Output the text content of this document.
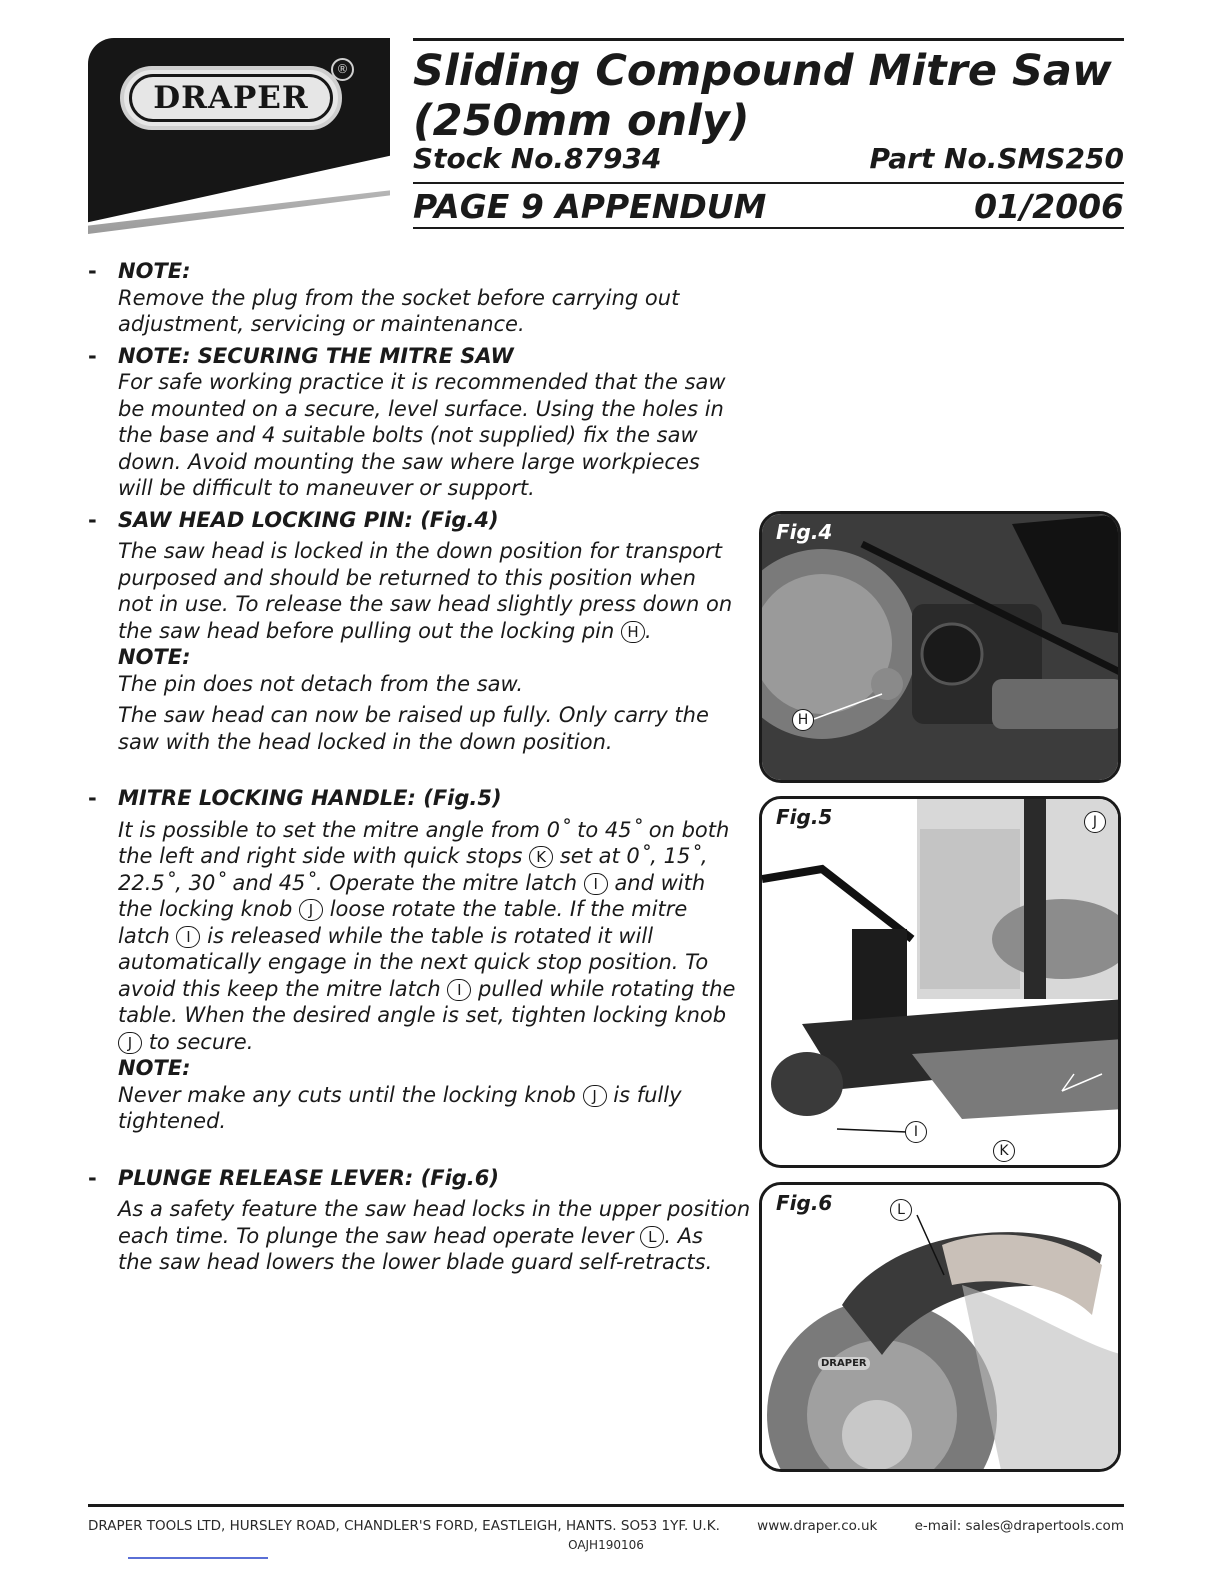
DRAPER
® Sliding Compound Mitre Saw
(250mm only)
Stock No.87934	Part No.SMS250
PAGE 9 APPENDUM	01/2006
- NOTE:
Remove the plug from the socket before carrying out
adjustment, servicing or maintenance.
- NOTE: SECURING THE MITRE SAW
For safe working practice it is recommended that the saw
be mounted on a secure, level surface. Using the holes in
the base and 4 suitable bolts (not supplied) fix the saw
down. Avoid mounting the saw where large workpieces
will be difficult to maneuver or support.
- SAW HEAD LOCKING PIN: (Fig.4)
The saw head is locked in the down position for transport
purposed and should be returned to this position when
not in use. To release the saw head slightly press down on
the saw head before pulling out the locking pin H .
NOTE:
The pin does not detach from the saw.
The saw head can now be raised up fully. Only carry the
saw with the head locked in the down position.
- MITRE LOCKING HANDLE: (Fig.5)
It is possible to set the mitre angle from 0˚ to 45˚ on both
the left and right side with quick stops K set at 0˚, 15˚,
22.5˚, 30˚ and 45˚. Operate the mitre latch I and with
the locking knob J loose rotate the table. If the mitre
latch I is released while the table is rotated it will
automatically engage in the next quick stop position. To
avoid this keep the mitre latch I pulled while rotating the
table. When the desired angle is set, tighten locking knob
J to secure.
NOTE:
Never make any cuts until the locking knob J is fully
tightened.
- PLUNGE RELEASE LEVER: (Fig.6)
As a safety feature the saw head locks in the upper position
each time. To plunge the saw head operate lever L . As
the saw head lowers the lower blade guard self-retracts.
Fig.4
H
Fig.5	J
I
K
Fig.6	L
DRAPER
DRAPER TOOLS LTD, HURSLEY ROAD, CHANDLER'S FORD, EASTLEIGH, HANTS. SO53 1YF. U.K.	www.draper.co.uk	e-mail: sales@drapertools.com
OAJH190106
